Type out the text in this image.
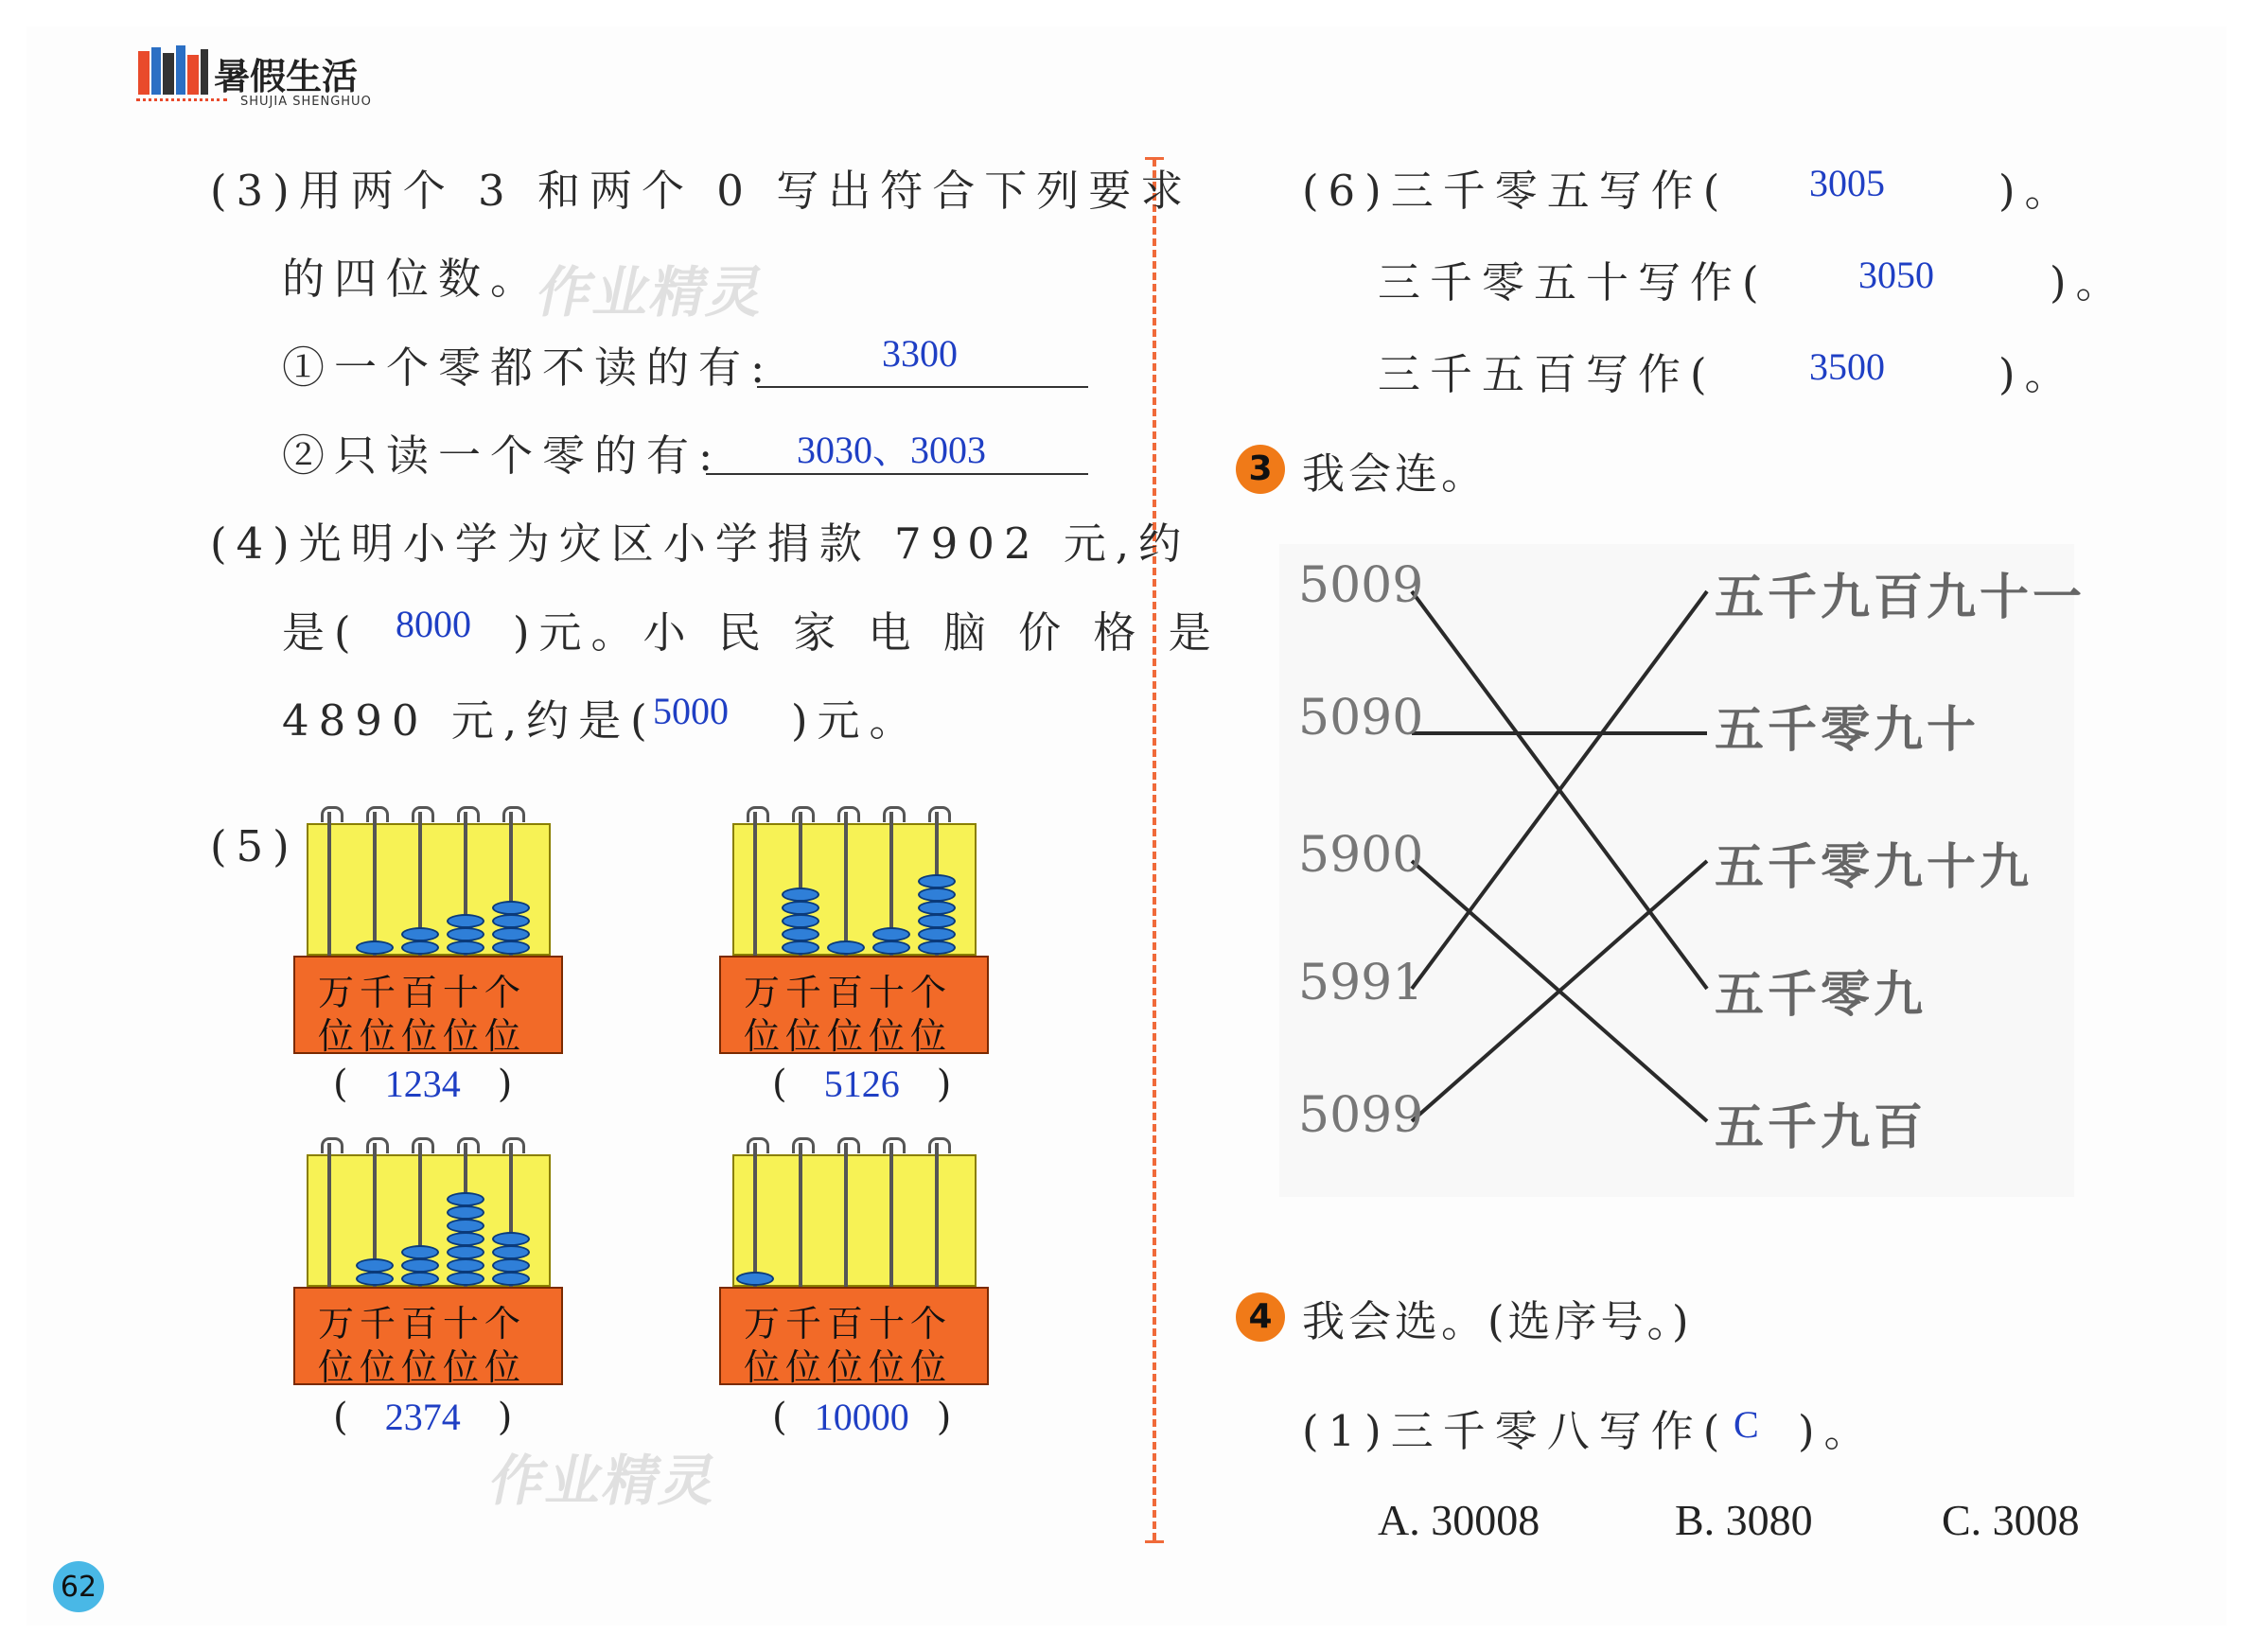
暑假生活
SHUJIA SHENGHUO
(3)用两个 3 和两个 0 写出符合下列要求
的四位数。
①一个零都不读的有:	3300
②只读一个零的有: 3030、3003
(4)光明小学为灾区小学捐款 7902 元,约
是( 8000 )元。小 民 家 电 脑 价 格 是
4890 元,约是(
5000 )元。
(5)
万千百十个
位位位位位
万千百十个
位位位位位
万千百十个
位位位位位
万千百十个
位位位位位
( 1234 )	( 5126 )
( 2374 )	( 10000 )
62
(6)三千零五写作( 3005	)。
三千零五十写作( 3050	)。
三千五百写作( 3500	)。
3 我会连。
5009
5090
5900
5991
5099
五千九百九十一
五千零九十
五千零九十九
五千零九
五千九百
4 我会选。(选序号。)
(1)三千零八写作( C )。
A. 30008	B. 3080	C. 3008
作业精灵
作业精灵
